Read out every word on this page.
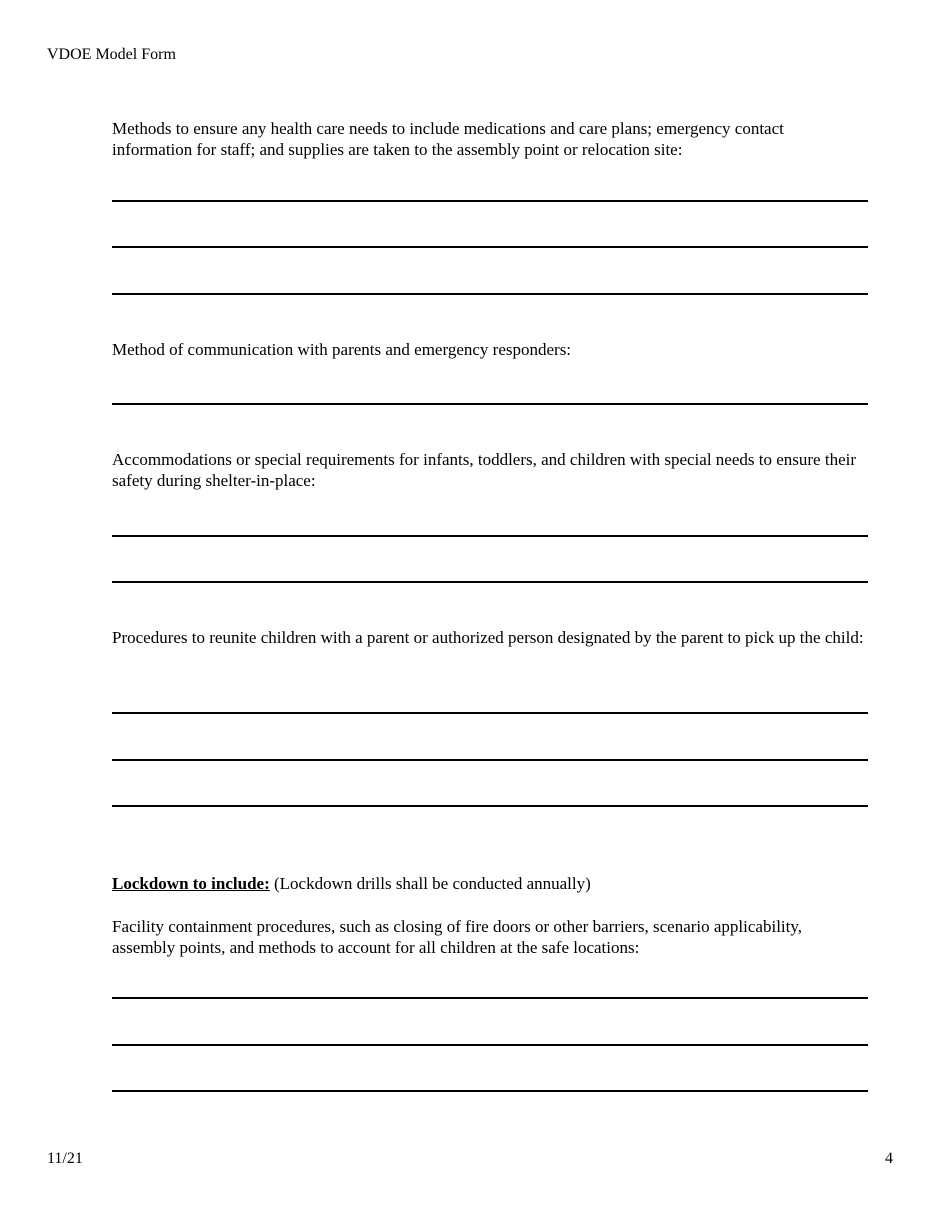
VDOE Model Form

Methods to ensure any health care needs to include medications and care plans; emergency contact information for staff; and supplies are taken to the assembly point or relocation site:

Method of communication with parents and emergency responders:

Accommodations or special requirements for infants, toddlers, and children with special needs to ensure their safety during shelter-in-place:

Procedures to reunite children with a parent or authorized person designated by the parent to pick up the child:

Lockdown to include: (Lockdown drills shall be conducted annually)

Facility containment procedures, such as closing of fire doors or other barriers, scenario applicability, assembly points, and methods to account for all children at the safe locations:

11/21	4
